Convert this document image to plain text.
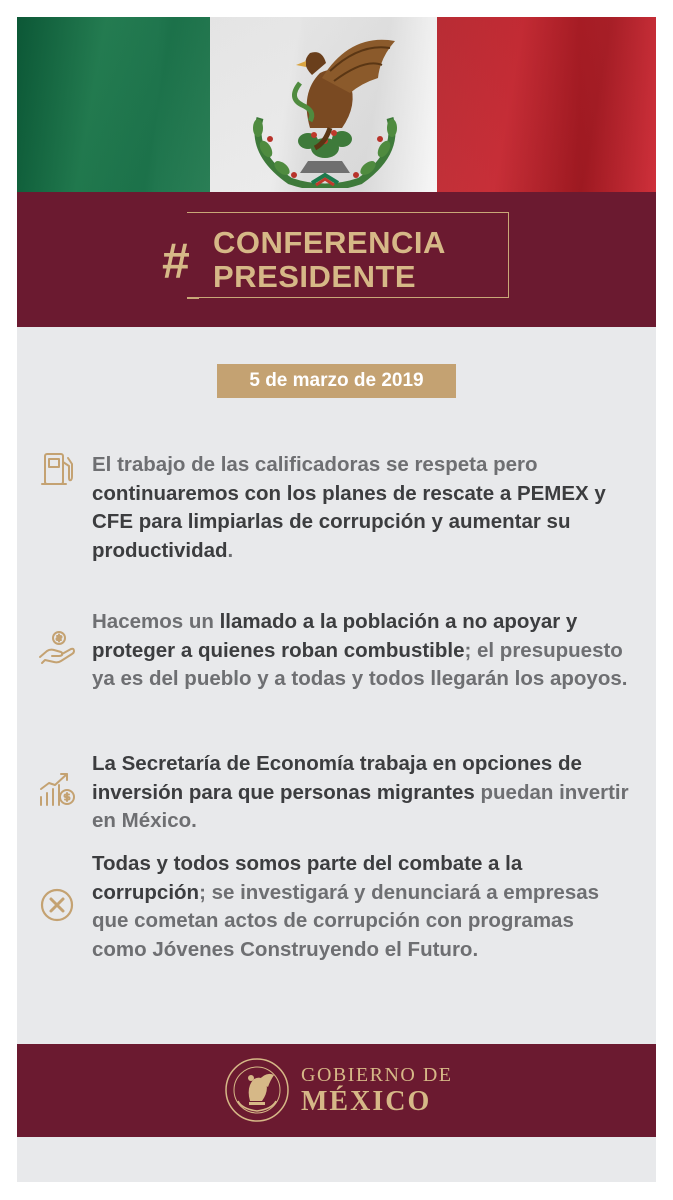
# CONFERENCIA
PRESIDENTE
5 de marzo de 2019
El trabajo de las calificadoras se respeta pero continuaremos con los planes de rescate a PEMEX y CFE para limpiarlas de corrupción y aumentar su productividad.
Hacemos un llamado a la población a no apoyar y proteger a quienes roban combustible; el presupuesto ya es del pueblo y a todas y todos llegarán los apoyos.
La Secretaría de Economía trabaja en opciones de inversión para que personas migrantes puedan invertir en México.
Todas y todos somos parte del combate a la corrupción; se investigará y denunciará a empresas que cometan actos de corrupción con programas como Jóvenes Construyendo el Futuro.
GOBIERNO DE
MÉXICO
